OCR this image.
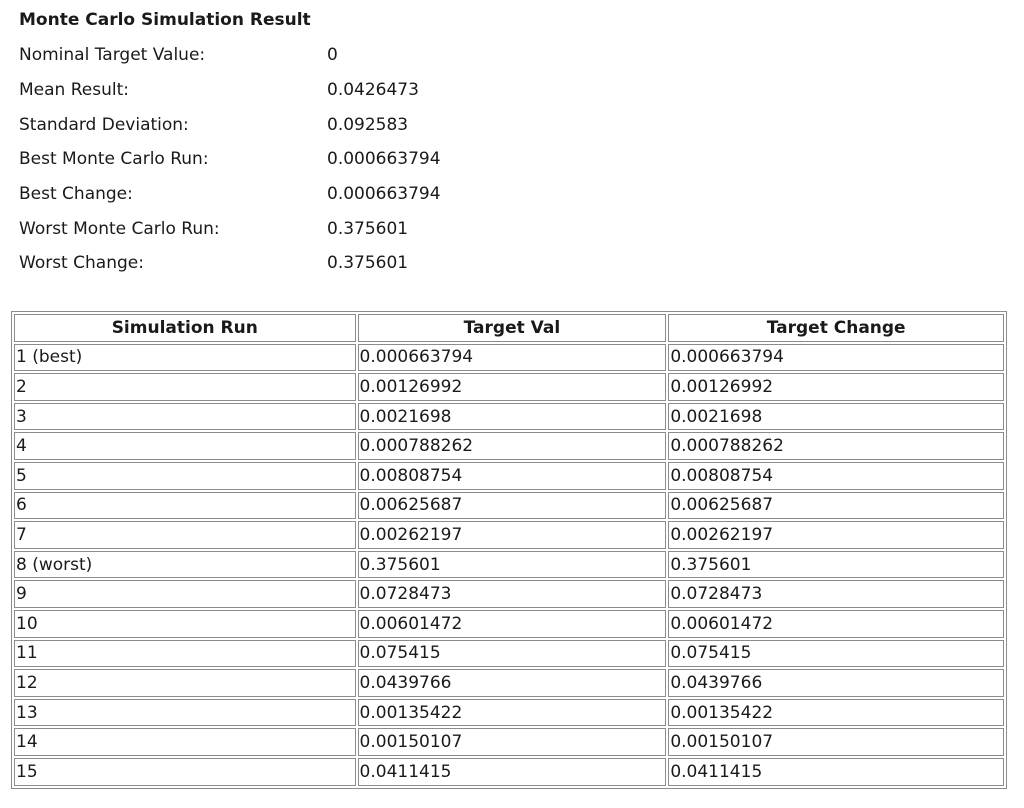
Monte Carlo Simulation Result
Nominal Target Value:	0
Mean Result:	0.0426473
Standard Deviation:	0.092583
Best Monte Carlo Run:	0.000663794
Best Change:	0.000663794
Worst Monte Carlo Run:	0.375601
Worst Change:	0.375601
Simulation Run	Target Val	Target Change
1 (best)	0.000663794	0.000663794
2	0.00126992	0.00126992
3	0.0021698	0.0021698
4	0.000788262	0.000788262
5	0.00808754	0.00808754
6	0.00625687	0.00625687
7	0.00262197	0.00262197
8 (worst)	0.375601	0.375601
9	0.0728473	0.0728473
10	0.00601472	0.00601472
11	0.075415	0.075415
12	0.0439766	0.0439766
13	0.00135422	0.00135422
14	0.00150107	0.00150107
15	0.0411415	0.0411415
